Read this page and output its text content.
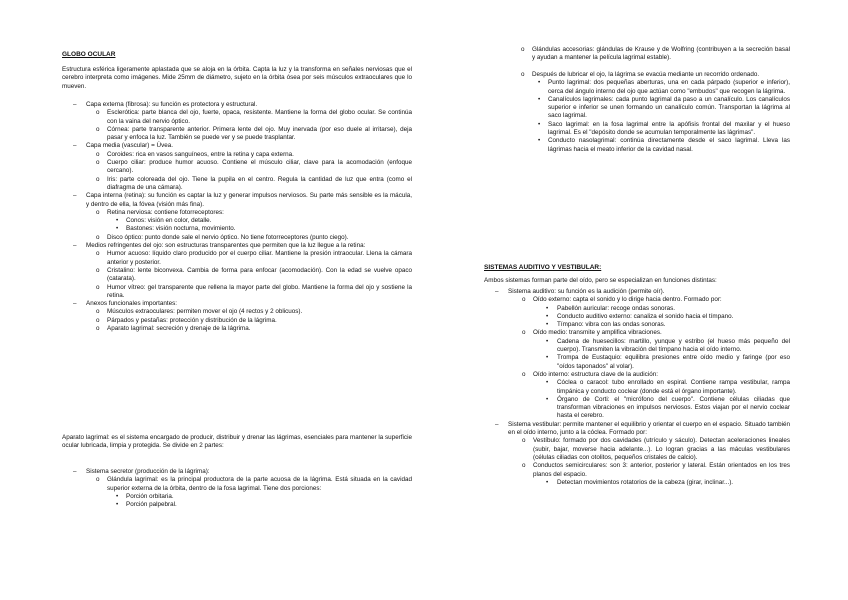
GLOBO OCULAR
Estructura esférica ligeramente aplastada que se aloja en la órbita. Capta la luz y la transforma en señales nerviosas que el cerebro interpreta como imágenes. Mide 25mm de diámetro, sujeto en la órbita ósea por seis músculos extraoculares que lo mueven.
– Capa externa (fibrosa): su función es protectora y estructural.
o Esclerótica: parte blanca del ojo, fuerte, opaca, resistente. Mantiene la forma del globo ocular. Se continúa con la vaina del nervio óptico.
o Córnea: parte transparente anterior. Primera lente del ojo. Muy inervada (por eso duele al irritarse), deja pasar y enfoca la luz. También se puede ver y se puede trasplantar.
– Capa media (vascular) = Úvea.
o Coroides: rica en vasos sanguíneos, entre la retina y capa externa.
o Cuerpo ciliar: produce humor acuoso. Contiene el músculo ciliar, clave para la acomodación (enfoque cercano).
o Iris: parte coloreada del ojo. Tiene la pupila en el centro. Regula la cantidad de luz que entra (como el diafragma de una cámara).
– Capa interna (retina): su función es captar la luz y generar impulsos nerviosos. Su parte más sensible es la mácula, y dentro de ella, la fóvea (visión más fina).
o Retina nerviosa: contiene fotorreceptores:
• Conos: visión en color, detalle.
• Bastones: visión nocturna, movimiento.
o Disco óptico: punto donde sale el nervio óptico. No tiene fotorreceptores (punto ciego).
– Medios refringentes del ojo: son estructuras transparentes que permiten que la luz llegue a la retina:
o Humor acuoso: líquido claro producido por el cuerpo ciliar. Mantiene la presión intraocular. Llena la cámara anterior y posterior.
o Cristalino: lente biconvexa. Cambia de forma para enfocar (acomodación). Con la edad se vuelve opaco (catarata).
o Humor vítreo: gel transparente que rellena la mayor parte del globo. Mantiene la forma del ojo y sostiene la retina.
– Anexos funcionales importantes:
o Músculos extraoculares: permiten mover el ojo (4 rectos y 2 oblicuos).
o Párpados y pestañas: protección y distribución de la lágrima.
o Aparato lagrimal: secreción y drenaje de la lágrima.
Aparato lagrimal: es el sistema encargado de producir, distribuir y drenar las lágrimas, esenciales para mantener la superficie ocular lubricada, limpia y protegida. Se divide en 2 partes:
– Sistema secretor (producción de la lágrima):
o Glándula lagrimal: es la principal productora de la parte acuosa de la lágrima. Está situada en la cavidad superior externa de la órbita, dentro de la fosa lagrimal. Tiene dos porciones:
• Porción orbitaria.
• Porción palpebral.
o Glándulas accesorias: glándulas de Krause y de Wolfring (contribuyen a la secreción basal y ayudan a mantener la película lagrimal estable).
o Después de lubricar el ojo, la lágrima se evacúa mediante un recorrido ordenado.
• Punto lagrimal: dos pequeñas aberturas, una en cada párpado (superior e inferior), cerca del ángulo interno del ojo que actúan como "embudos" que recogen la lágrima.
• Canalículos lagrimales: cada punto lagrimal da paso a un canalículo. Los canalículos superior e inferior se unen formando un canalículo común. Transportan la lágrima al saco lagrimal.
• Saco lagrimal: en la fosa lagrimal entre la apófisis frontal del maxilar y el hueso lagrimal. Es el "depósito donde se acumulan temporalmente las lágrimas".
• Conducto nasolagrimal: continúa directamente desde el saco lagrimal. Lleva las lágrimas hacia el meato inferior de la cavidad nasal.
SISTEMAS AUDITIVO Y VESTIBULAR:
Ambos sistemas forman parte del oído, pero se especializan en funciones distintas:
– Sistema auditivo: su función es la audición (permite oír).
o Oído externo: capta el sonido y lo dirige hacia dentro. Formado por:
• Pabellón auricular: recoge ondas sonoras.
• Conducto auditivo externo: canaliza el sonido hacia el tímpano.
• Tímpano: vibra con las ondas sonoras.
o Oído medio: transmite y amplifica vibraciones.
• Cadena de huesecillos: martillo, yunque y estribo (el hueso más pequeño del cuerpo). Transmiten la vibración del tímpano hacia el oído interno.
• Trompa de Eustaquio: equilibra presiones entre oído medio y faringe (por eso "oídos taponados" al volar).
o Oído interno: estructura clave de la audición:
• Cóclea o caracol: tubo enrollado en espiral. Contiene rampa vestibular, rampa timpánica y conducto coclear (donde está el órgano importante).
• Órgano de Corti: el "micrófono del cuerpo". Contiene células ciliadas que transforman vibraciones en impulsos nerviosos. Estos viajan por el nervio coclear hasta el cerebro.
– Sistema vestibular: permite mantener el equilibrio y orientar el cuerpo en el espacio. Situado también en el oído interno, junto a la cóclea. Formado por:
o Vestíbulo: formado por dos cavidades (utrículo y sáculo). Detectan aceleraciones lineales (subir, bajar, moverse hacia adelante...). Lo logran gracias a las máculas vestibulares (células ciliadas con otolitos, pequeños cristales de calcio).
o Conductos semicirculares: son 3: anterior, posterior y lateral. Están orientados en los tres planos del espacio.
• Detectan movimientos rotatorios de la cabeza (girar, inclinar...).
